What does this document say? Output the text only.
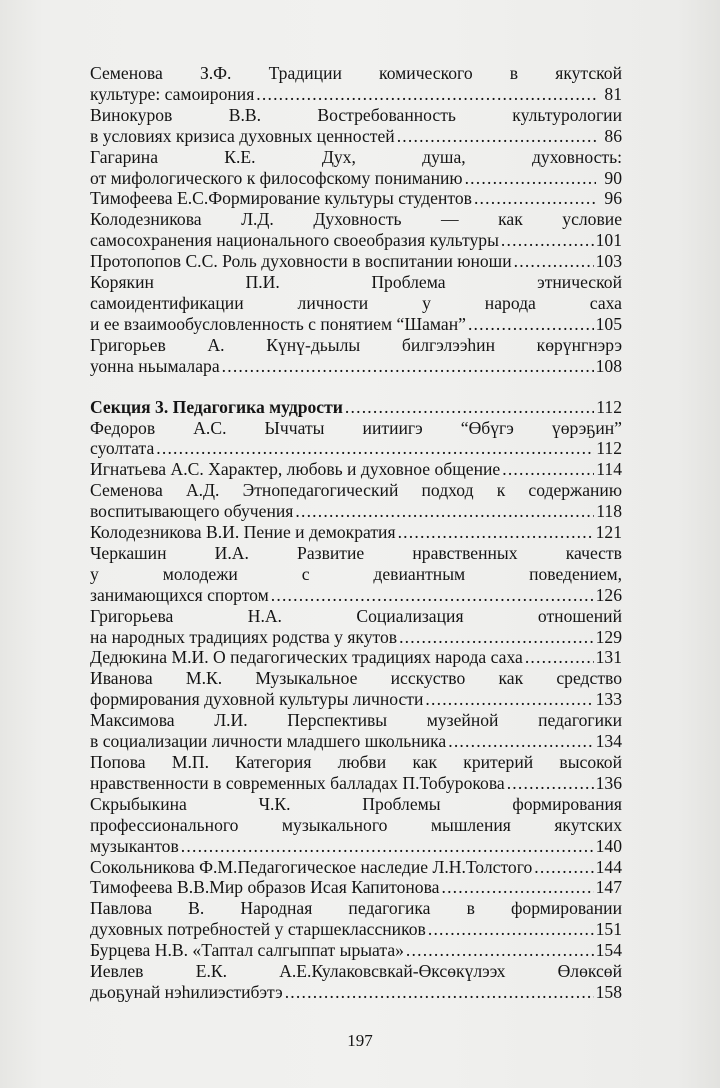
Семенова З.Ф. Традиции комического в якутской
культуре: самоирония . . .	81
Винокуров В.В. Востребованность культурологии
в условиях кризиса духовных ценностей . . .	86
Гагарина К.Е. Дух, душа, духовность:
от мифологического к философскому пониманию . . .	90
Тимофеева Е.С.Формирование культуры студентов . . .	96
Колодезникова Л.Д. Духовность — как условие
самосохранения национального своеобразия культуры . . .	101
Протопопов С.С. Роль духовности в воспитании юноши . . .	103
Корякин П.И. Проблема этнической
самоидентификации личности у народа саха
и ее взаимообусловленность с понятием “Шаман” . . .	105
Григорьев А. Күнү-дьылы билгэлээһин көрүнгнэрэ
уонна ньымалара . . .	108
Секция 3. Педагогика мудрости . . .	112
Федоров А.С. Ыччаты иитиигэ “Өбүгэ үөрэҕин”
суолтата . . .	112
Игнатьева А.С. Характер, любовь и духовное общение . . .	114
Семенова А.Д. Этнопедагогический подход к содержанию
воспитывающего обучения . . .	118
Колодезникова В.И. Пение и демократия . . .	121
Черкашин И.А. Развитие нравственных качеств
у молодежи с девиантным поведением,
занимающихся спортом . . .	126
Григорьева Н.А. Социализация отношений
на народных традициях родства у якутов . . .	129
Дедюкина М.И. О педагогических традициях народа саха . . .	131
Иванова М.К. Музыкальное исскуство как средство
формирования духовной культуры личности . . .	133
Максимова Л.И. Перспективы музейной педагогики
в социализации личности младшего школьника . . .	134
Попова М.П. Категория любви как критерий высокой
нравственности в современных балладах П.Тобурокова . . .	136
Скрыбыкина Ч.К. Проблемы формирования
профессионального музыкального мышления якутских
музыкантов . . .	140
Сокольникова Ф.М.Педагогическое наследие Л.Н.Толстого . . .	144
Тимофеева В.В.Мир образов Исая Капитонова . . .	147
Павлова В. Народная педагогика в формировании
духовных потребностей у старшеклассников . . .	151
Бурцева Н.В. «Таптал салгыппат ырыата» . . .	154
Иевлев Е.К. А.Е.Кулаковсвкай-Өксөкүлээх Өлөксөй
дьоҕунай нэһилиэстибэтэ . . .	158
197
